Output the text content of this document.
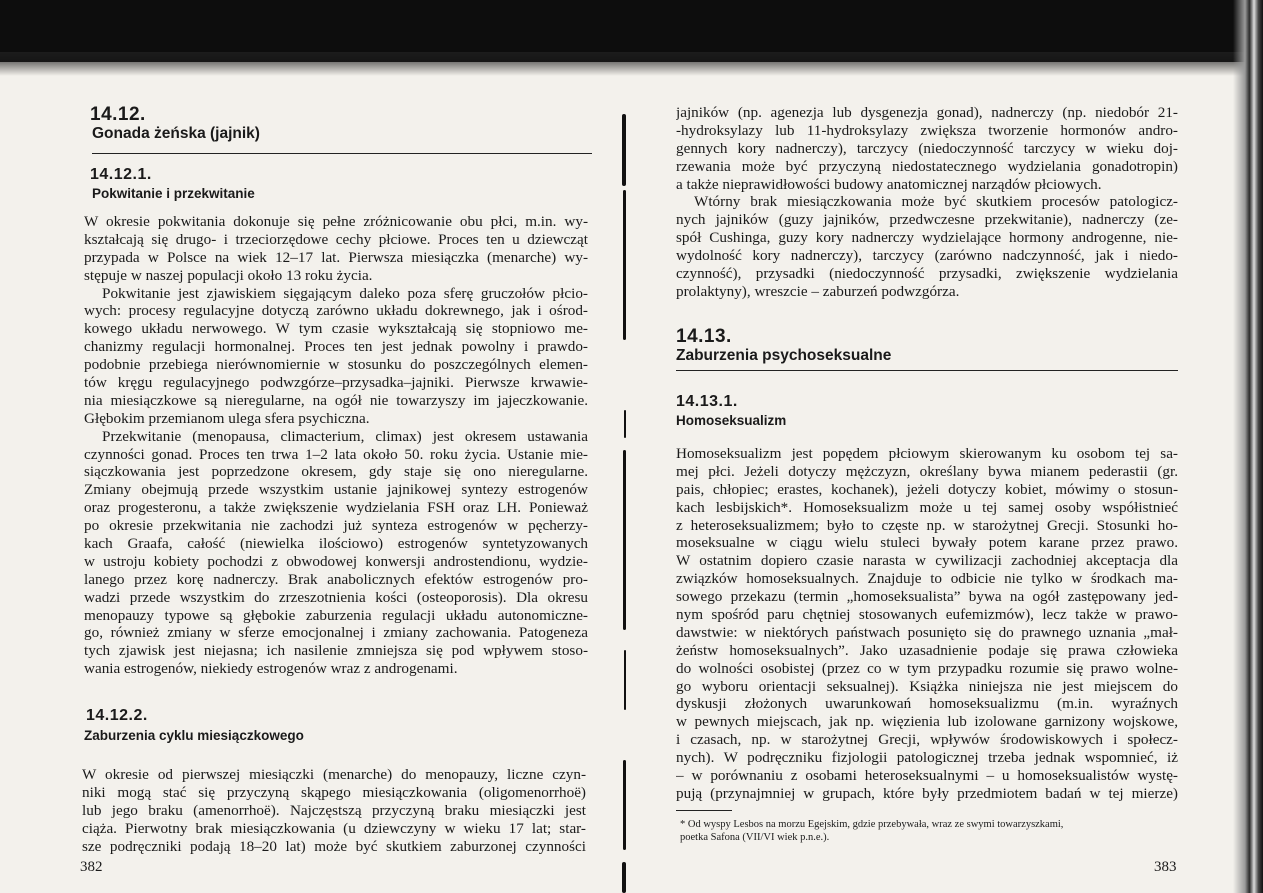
14.12.
Gonada żeńska (jajnik)
14.12.1.
Pokwitanie i przekwitanie
W okresie pokwitania dokonuje się pełne zróżnicowanie obu płci, m.in. wy-
kształcają się drugo- i trzeciorzędowe cechy płciowe. Proces ten u dziewcząt
przypada w Polsce na wiek 12–17 lat. Pierwsza miesiączka (menarche) wy-
stępuje w naszej populacji około 13 roku życia.
Pokwitanie jest zjawiskiem sięgającym daleko poza sferę gruczołów płcio-
wych: procesy regulacyjne dotyczą zarówno układu dokrewnego, jak i ośrod-
kowego układu nerwowego. W tym czasie wykształcają się stopniowo me-
chanizmy regulacji hormonalnej. Proces ten jest jednak powolny i prawdo-
podobnie przebiega nierównomiernie w stosunku do poszczególnych elemen-
tów kręgu regulacyjnego podwzgórze–przysadka–jajniki. Pierwsze krwawie-
nia miesiączkowe są nieregularne, na ogół nie towarzyszy im jajeczkowanie.
Głębokim przemianom ulega sfera psychiczna.
Przekwitanie (menopausa, climacterium, climax) jest okresem ustawania
czynności gonad. Proces ten trwa 1–2 lata około 50. roku życia. Ustanie mie-
siączkowania jest poprzedzone okresem, gdy staje się ono nieregularne.
Zmiany obejmują przede wszystkim ustanie jajnikowej syntezy estrogenów
oraz progesteronu, a także zwiększenie wydzielania FSH oraz LH. Ponieważ
po okresie przekwitania nie zachodzi już synteza estrogenów w pęcherzy-
kach Graafa, całość (niewielka ilościowo) estrogenów syntetyzowanych
w ustroju kobiety pochodzi z obwodowej konwersji androstendionu, wydzie-
lanego przez korę nadnerczy. Brak anabolicznych efektów estrogenów pro-
wadzi przede wszystkim do zrzeszotnienia kości (osteoporosis). Dla okresu
menopauzy typowe są głębokie zaburzenia regulacji układu autonomiczne-
go, również zmiany w sferze emocjonalnej i zmiany zachowania. Patogeneza
tych zjawisk jest niejasna; ich nasilenie zmniejsza się pod wpływem stoso-
wania estrogenów, niekiedy estrogenów wraz z androgenami.
14.12.2.
Zaburzenia cyklu miesiączkowego
W okresie od pierwszej miesiączki (menarche) do menopauzy, liczne czyn-
niki mogą stać się przyczyną skąpego miesiączkowania (oligomenorrhoë)
lub jego braku (amenorrhoë). Najczęstszą przyczyną braku miesiączki jest
ciąża. Pierwotny brak miesiączkowania (u dziewczyny w wieku 17 lat; star-
sze podręczniki podają 18–20 lat) może być skutkiem zaburzonej czynności
382
jajników (np. agenezja lub dysgenezja gonad), nadnerczy (np. niedobór 21-
-hydroksylazy lub 11-hydroksylazy zwiększa tworzenie hormonów andro-
gennych kory nadnerczy), tarczycy (niedoczynność tarczycy w wieku doj-
rzewania może być przyczyną niedostatecznego wydzielania gonadotropin)
a także nieprawidłowości budowy anatomicznej narządów płciowych.
Wtórny brak miesiączkowania może być skutkiem procesów patologicz-
nych jajników (guzy jajników, przedwczesne przekwitanie), nadnerczy (ze-
spół Cushinga, guzy kory nadnerczy wydzielające hormony androgenne, nie-
wydolność kory nadnerczy), tarczycy (zarówno nadczynność, jak i niedo-
czynność), przysadki (niedoczynność przysadki, zwiększenie wydzielania
prolaktyny), wreszcie – zaburzeń podwzgórza.
14.13.
Zaburzenia psychoseksualne
14.13.1.
Homoseksualizm
Homoseksualizm jest popędem płciowym skierowanym ku osobom tej sa-
mej płci. Jeżeli dotyczy mężczyzn, określany bywa mianem pederastii (gr.
pais, chłopiec; erastes, kochanek), jeżeli dotyczy kobiet, mówimy o stosun-
kach lesbijskich*. Homoseksualizm może u tej samej osoby współistnieć
z heteroseksualizmem; było to częste np. w starożytnej Grecji. Stosunki ho-
moseksualne w ciągu wielu stuleci bywały potem karane przez prawo.
W ostatnim dopiero czasie narasta w cywilizacji zachodniej akceptacja dla
związków homoseksualnych. Znajduje to odbicie nie tylko w środkach ma-
sowego przekazu (termin „homoseksualista” bywa na ogół zastępowany jed-
nym spośród paru chętniej stosowanych eufemizmów), lecz także w prawo-
dawstwie: w niektórych państwach posunięto się do prawnego uznania „mał-
żeństw homoseksualnych”. Jako uzasadnienie podaje się prawa człowieka
do wolności osobistej (przez co w tym przypadku rozumie się prawo wolne-
go wyboru orientacji seksualnej). Książka niniejsza nie jest miejscem do
dyskusji złożonych uwarunkowań homoseksualizmu (m.in. wyraźnych
w pewnych miejscach, jak np. więzienia lub izolowane garnizony wojskowe,
i czasach, np. w starożytnej Grecji, wpływów środowiskowych i społecz-
nych). W podręczniku fizjologii patologicznej trzeba jednak wspomnieć, iż
– w porównaniu z osobami heteroseksualnymi – u homoseksualistów wystę-
pują (przynajmniej w grupach, które były przedmiotem badań w tej mierze)
* Od wyspy Lesbos na morzu Egejskim, gdzie przebywała, wraz ze swymi towarzyszkami,
poetka Safona (VII/VI wiek p.n.e.).
383
